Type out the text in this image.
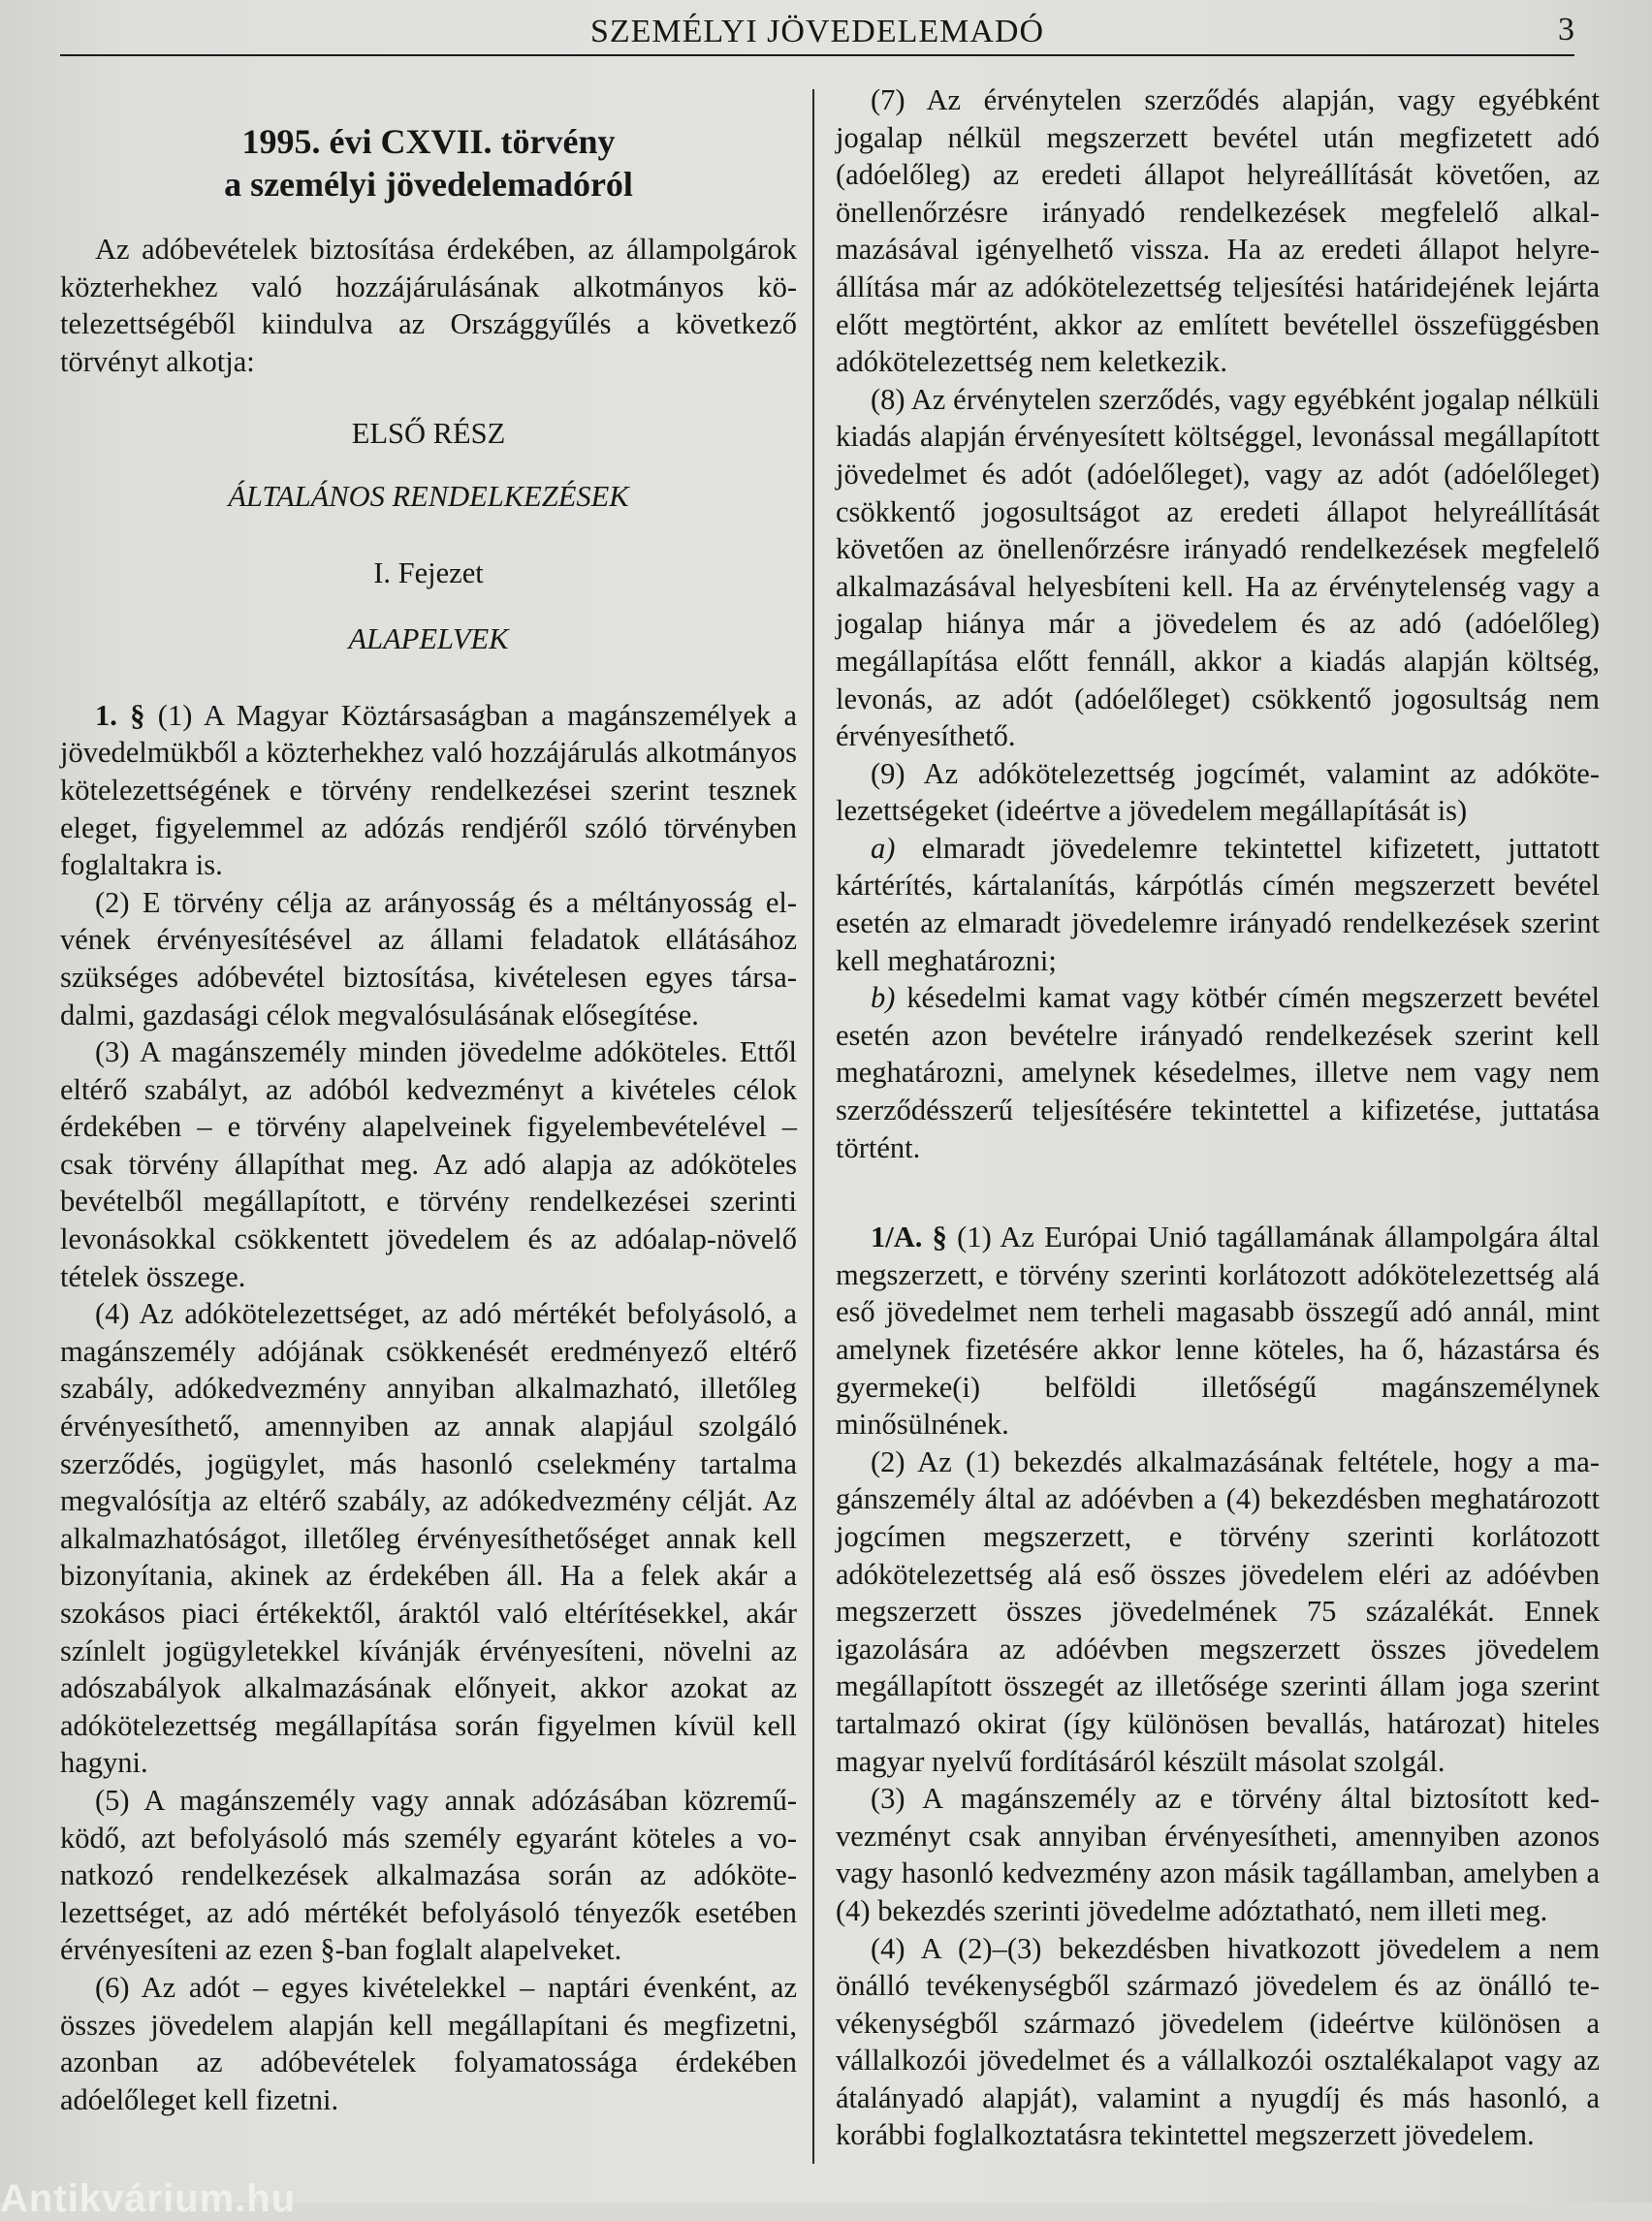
SZEMÉLYI JÖVEDELEMADÓ	3
1995. évi CXVII. törvény
a személyi jövedelemadóról

Az adóbevételek biztosítása érdekében, az állampolgárok közterhekhez való hozzájárulásának alkotmányos kötelezettségéből kiindulva az Országgyűlés a következő törvényt alkotja:

ELSŐ RÉSZ

ÁLTALÁNOS RENDELKEZÉSEK

I. Fejezet

ALAPELVEK

1. § (1) A Magyar Köztársaságban a magánszemélyek a jövedelmükből a közterhekhez való hozzájárulás alkotmányos kötelezettségének e törvény rendelkezései szerint tesznek eleget, figyelemmel az adózás rendjéről szóló törvényben foglaltakra is.

(2) E törvény célja az arányosság és a méltányosság elvének érvényesítésével az állami feladatok ellátásához szükséges adóbevétel biztosítása, kivételesen egyes társadalmi, gazdasági célok megvalósulásának elősegítése.

(3) A magánszemély minden jövedelme adóköteles. Ettől eltérő szabályt, az adóból kedvezményt a kivételes célok érdekében – e törvény alapelveinek figyelembevételével – csak törvény állapíthat meg. Az adó alapja az adóköteles bevételből megállapított, e törvény rendelkezései szerinti levonásokkal csökkentett jövedelem és az adóalap-növelő tételek összege.

(4) Az adókötelezettséget, az adó mértékét befolyásoló, a magánszemély adójának csökkenését eredményező eltérő szabály, adókedvezmény annyiban alkalmazható, illetőleg érvényesíthető, amennyiben az annak alapjául szolgáló szerződés, jogügylet, más hasonló cselekmény tartalma megvalósítja az eltérő szabály, az adókedvezmény célját. Az alkalmazhatóságot, illetőleg érvényesíthetőséget annak kell bizonyítania, akinek az érdekében áll. Ha a felek akár a szokásos piaci értékektől, áraktól való eltérítésekkel, akár színlelt jogügyletekkel kívánják érvényesíteni, növelni az adószabályok alkalmazásának előnyeit, akkor azokat az adókötelezettség megállapítása során figyelmen kívül kell hagyni.

(5) A magánszemély vagy annak adózásában közreműködő, azt befolyásoló más személy egyaránt köteles a vonatkozó rendelkezések alkalmazása során az adókötelezettséget, az adó mértékét befolyásoló tényezők esetében érvényesíteni az ezen §-ban foglalt alapelveket.

(6) Az adót – egyes kivételekkel – naptári évenként, az összes jövedelem alapján kell megállapítani és megfizetni, azonban az adóbevételek folyamatossága érdekében adóelőleget kell fizetni.

(7) Az érvénytelen szerződés alapján, vagy egyébként jogalap nélkül megszerzett bevétel után megfizetett adó (adóelőleg) az eredeti állapot helyreállítását követően, az önellenőrzésre irányadó rendelkezések megfelelő alkalmazásával igényelhető vissza. Ha az eredeti állapot helyreállítása már az adókötelezettség teljesítési határidejének lejárta előtt megtörtént, akkor az említett bevétellel összefüggésben adókötelezettség nem keletkezik.

(8) Az érvénytelen szerződés, vagy egyébként jogalap nélküli kiadás alapján érvényesített költséggel, levonással megállapított jövedelmet és adót (adóelőleget), vagy az adót (adóelőleget) csökkentő jogosultságot az eredeti állapot helyreállítását követően az önellenőrzésre irányadó rendelkezések megfelelő alkalmazásával helyesbíteni kell. Ha az érvénytelenség vagy a jogalap hiánya már a jövedelem és az adó (adóelőleg) megállapítása előtt fennáll, akkor a kiadás alapján költség, levonás, az adót (adóelőleget) csökkentő jogosultság nem érvényesíthető.

(9) Az adókötelezettség jogcímét, valamint az adókötelezettségeket (ideértve a jövedelem megállapítását is)

a) elmaradt jövedelemre tekintettel kifizetett, juttatott kártérítés, kártalanítás, kárpótlás címén megszerzett bevétel esetén az elmaradt jövedelemre irányadó rendelkezések szerint kell meghatározni;

b) késedelmi kamat vagy kötbér címén megszerzett bevétel esetén azon bevételre irányadó rendelkezések szerint kell meghatározni, amelynek késedelmes, illetve nem vagy nem szerződésszerű teljesítésére tekintettel a kifizetése, juttatása történt.

1/A. § (1) Az Európai Unió tagállamának állampolgára által megszerzett, e törvény szerinti korlátozott adókötelezettség alá eső jövedelmet nem terheli magasabb összegű adó annál, mint amelynek fizetésére akkor lenne köteles, ha ő, házastársa és gyermeke(i) belföldi illetőségű magánszemélynek minősülnének.

(2) Az (1) bekezdés alkalmazásának feltétele, hogy a magánszemély által az adóévben a (4) bekezdésben meghatározott jogcímen megszerzett, e törvény szerinti korlátozott adókötelezettség alá eső összes jövedelem eléri az adóévben megszerzett összes jövedelmének 75 százalékát. Ennek igazolására az adóévben megszerzett összes jövedelem megállapított összegét az illetősége szerinti állam joga szerint tartalmazó okirat (így különösen bevallás, határozat) hiteles magyar nyelvű fordításáról készült másolat szolgál.

(3) A magánszemély az e törvény által biztosított kedvezményt csak annyiban érvényesítheti, amennyiben azonos vagy hasonló kedvezmény azon másik tagállamban, amelyben a (4) bekezdés szerinti jövedelme adóztatható, nem illeti meg.

(4) A (2)–(3) bekezdésben hivatkozott jövedelem a nem önálló tevékenységből származó jövedelem és az önálló tevékenységből származó jövedelem (ideértve különösen a vállalkozói jövedelmet és a vállalkozói osztalékalapot vagy az átalányadó alapját), valamint a nyugdíj és más hasonló, a korábbi foglalkoztatásra tekintettel megszerzett jövedelem.

Antikvárium.hu
